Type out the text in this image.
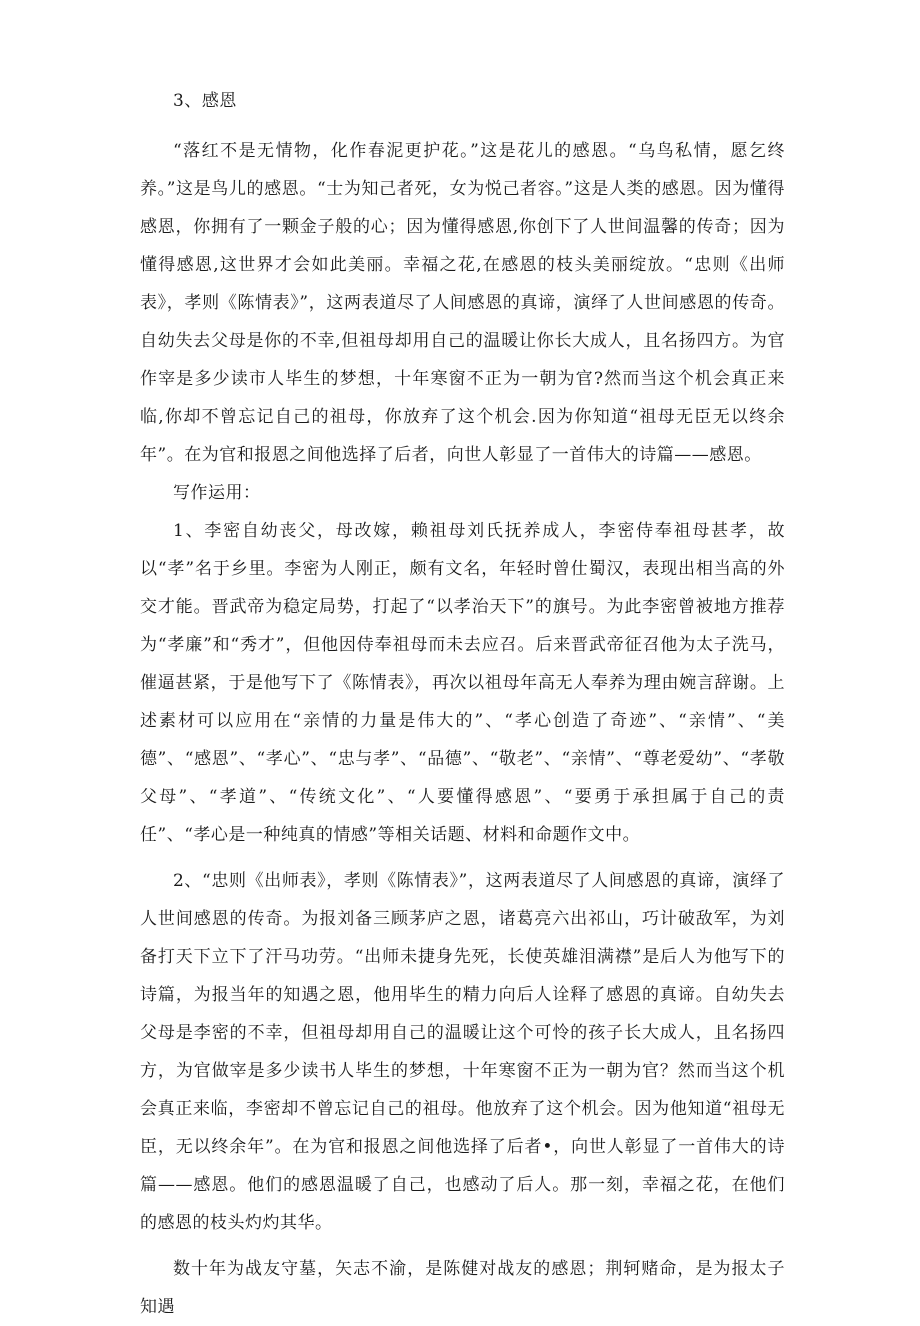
3、感恩

“落红不是无情物，化作春泥更护花。”这是花儿的感恩。“乌鸟私情，愿乞终养。”这是鸟儿的感恩。“士为知己者死，女为悦己者容。”这是人类的感恩。因为懂得感恩，你拥有了一颗金子般的心；因为懂得感恩,你创下了人世间温馨的传奇；因为懂得感恩,这世界才会如此美丽。幸福之花,在感恩的枝头美丽绽放。“忠则《出师表》，孝则《陈情表》”，这两表道尽了人间感恩的真谛，演绎了人世间感恩的传奇。自幼失去父母是你的不幸,但祖母却用自己的温暖让你长大成人，且名扬四方。为官作宰是多少读市人毕生的梦想，十年寒窗不正为一朝为官?然而当这个机会真正来临,你却不曾忘记自己的祖母，你放弃了这个机会.因为你知道“祖母无臣无以终余年”。在为官和报恩之间他选择了后者，向世人彰显了一首伟大的诗篇——感恩。

写作运用：

1、李密自幼丧父，母改嫁，赖祖母刘氏抚养成人，李密侍奉祖母甚孝，故以“孝”名于乡里。李密为人刚正，颇有文名，年轻时曾仕蜀汉，表现出相当高的外交才能。晋武帝为稳定局势，打起了“以孝治天下”的旗号。为此李密曾被地方推荐为“孝廉”和“秀才”，但他因侍奉祖母而未去应召。后来晋武帝征召他为太子洗马，催逼甚紧，于是他写下了《陈情表》，再次以祖母年高无人奉养为理由婉言辞谢。上述素材可以应用在“亲情的力量是伟大的”、“孝心创造了奇迹”、“亲情”、“美德”、“感恩”、“孝心”、“忠与孝”、“品德”、“敬老”、“亲情”、“尊老爱幼”、“孝敬父母”、“孝道”、“传统文化”、“人要懂得感恩”、“要勇于承担属于自己的责任”、“孝心是一种纯真的情感”等相关话题、材料和命题作文中。

2、“忠则《出师表》，孝则《陈情表》”，这两表道尽了人间感恩的真谛，演绎了人世间感恩的传奇。为报刘备三顾茅庐之恩，诸葛亮六出祁山，巧计破敌军，为刘备打天下立下了汗马功劳。“出师未捷身先死，长使英雄泪满襟”是后人为他写下的诗篇，为报当年的知遇之恩，他用毕生的精力向后人诠释了感恩的真谛。自幼失去父母是李密的不幸，但祖母却用自己的温暖让这个可怜的孩子长大成人，且名扬四方，为官做宰是多少读书人毕生的梦想，十年寒窗不正为一朝为官？然而当这个机会真正来临，李密却不曾忘记自己的祖母。他放弃了这个机会。因为他知道“祖母无臣，无以终余年”。在为官和报恩之间他选择了后者•，向世人彰显了一首伟大的诗篇——感恩。他们的感恩温暖了自己，也感动了后人。那一刻，幸福之花，在他们的感恩的枝头灼灼其华。

数十年为战友守墓，矢志不渝，是陈健对战友的感恩；荆轲赌命，是为报太子知遇
